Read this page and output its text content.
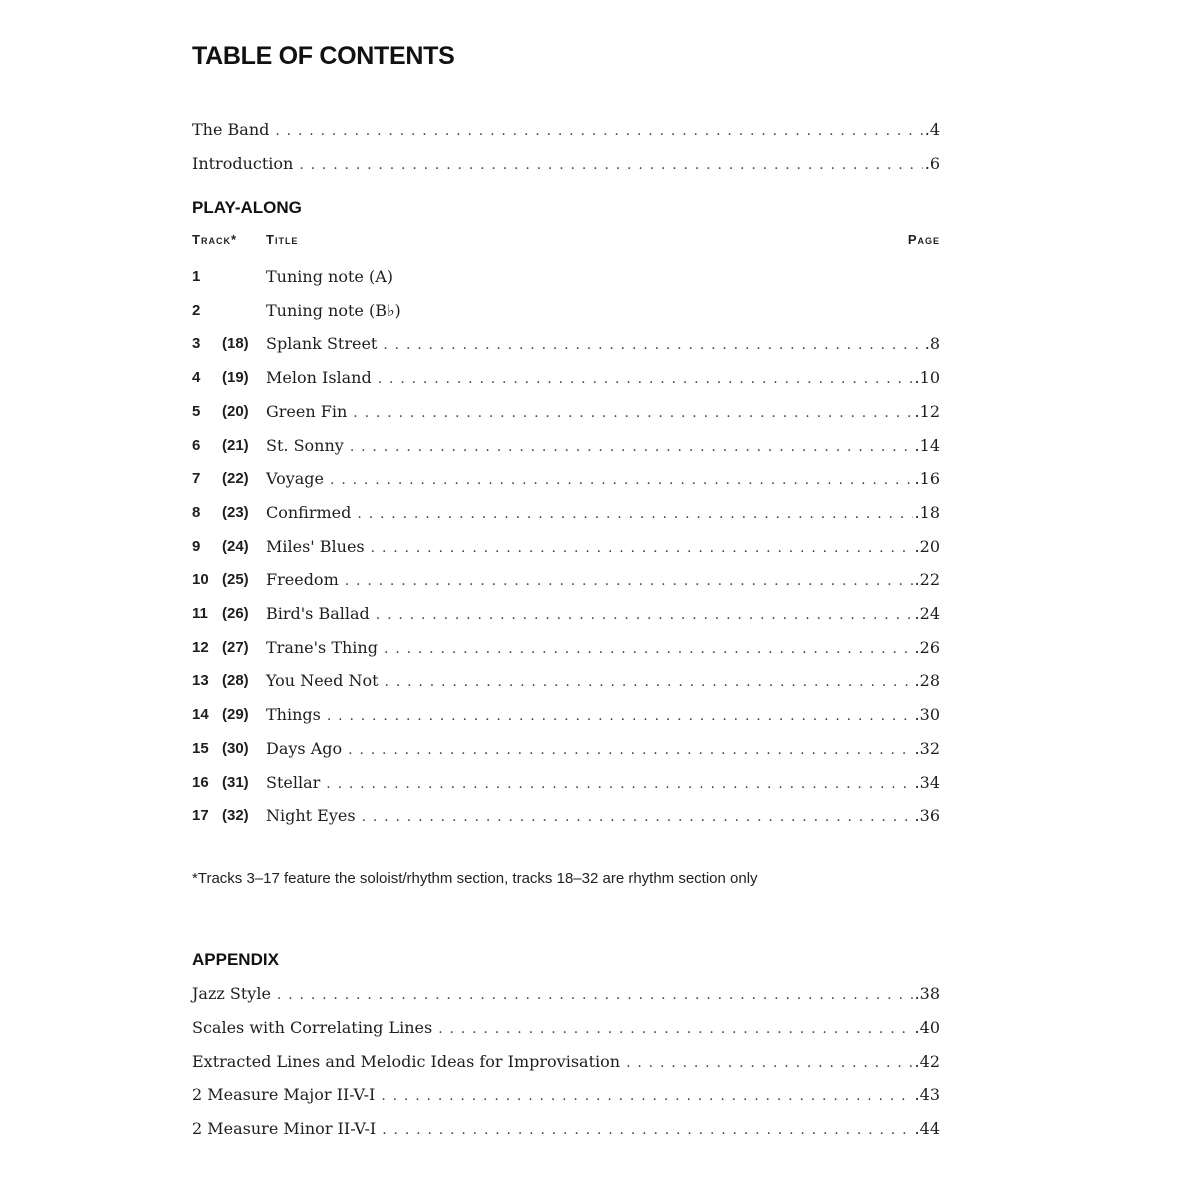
TABLE OF CONTENTS
The Band . . .	.4
Introduction . . .	.6
PLAY-ALONG
Track* Title	Page
1	Tuning note (A)
2	Tuning note (B♭)
3	(18)	Splank Street . . .	.8
4	(19)	Melon Island . . .	.10
5	(20)	Green Fin . . .	.12
6	(21)	St. Sonny . . .	.14
7	(22)	Voyage . . .	.16
8	(23)	Confirmed . . .	.18
9	(24)	Miles' Blues . . .	.20
10 (25)	Freedom . . .	.22
11 (26)	Bird's Ballad . . .	.24
12 (27)	Trane's Thing . . .	.26
13 (28)	You Need Not . . .	.28
14 (29)	Things . . .	.30
15 (30)	Days Ago . . .	.32
16 (31)	Stellar . . .	.34
17 (32)	Night Eyes . . .	.36
*Tracks 3–17 feature the soloist/rhythm section, tracks 18–32 are rhythm section only
APPENDIX
Jazz Style . . .	.38
Scales with Correlating Lines . . .	.40
Extracted Lines and Melodic Ideas for Improvisation . . .	.42
2 Measure Major II-V-I . . .	.43
2 Measure Minor II-V-I . . .	.44
